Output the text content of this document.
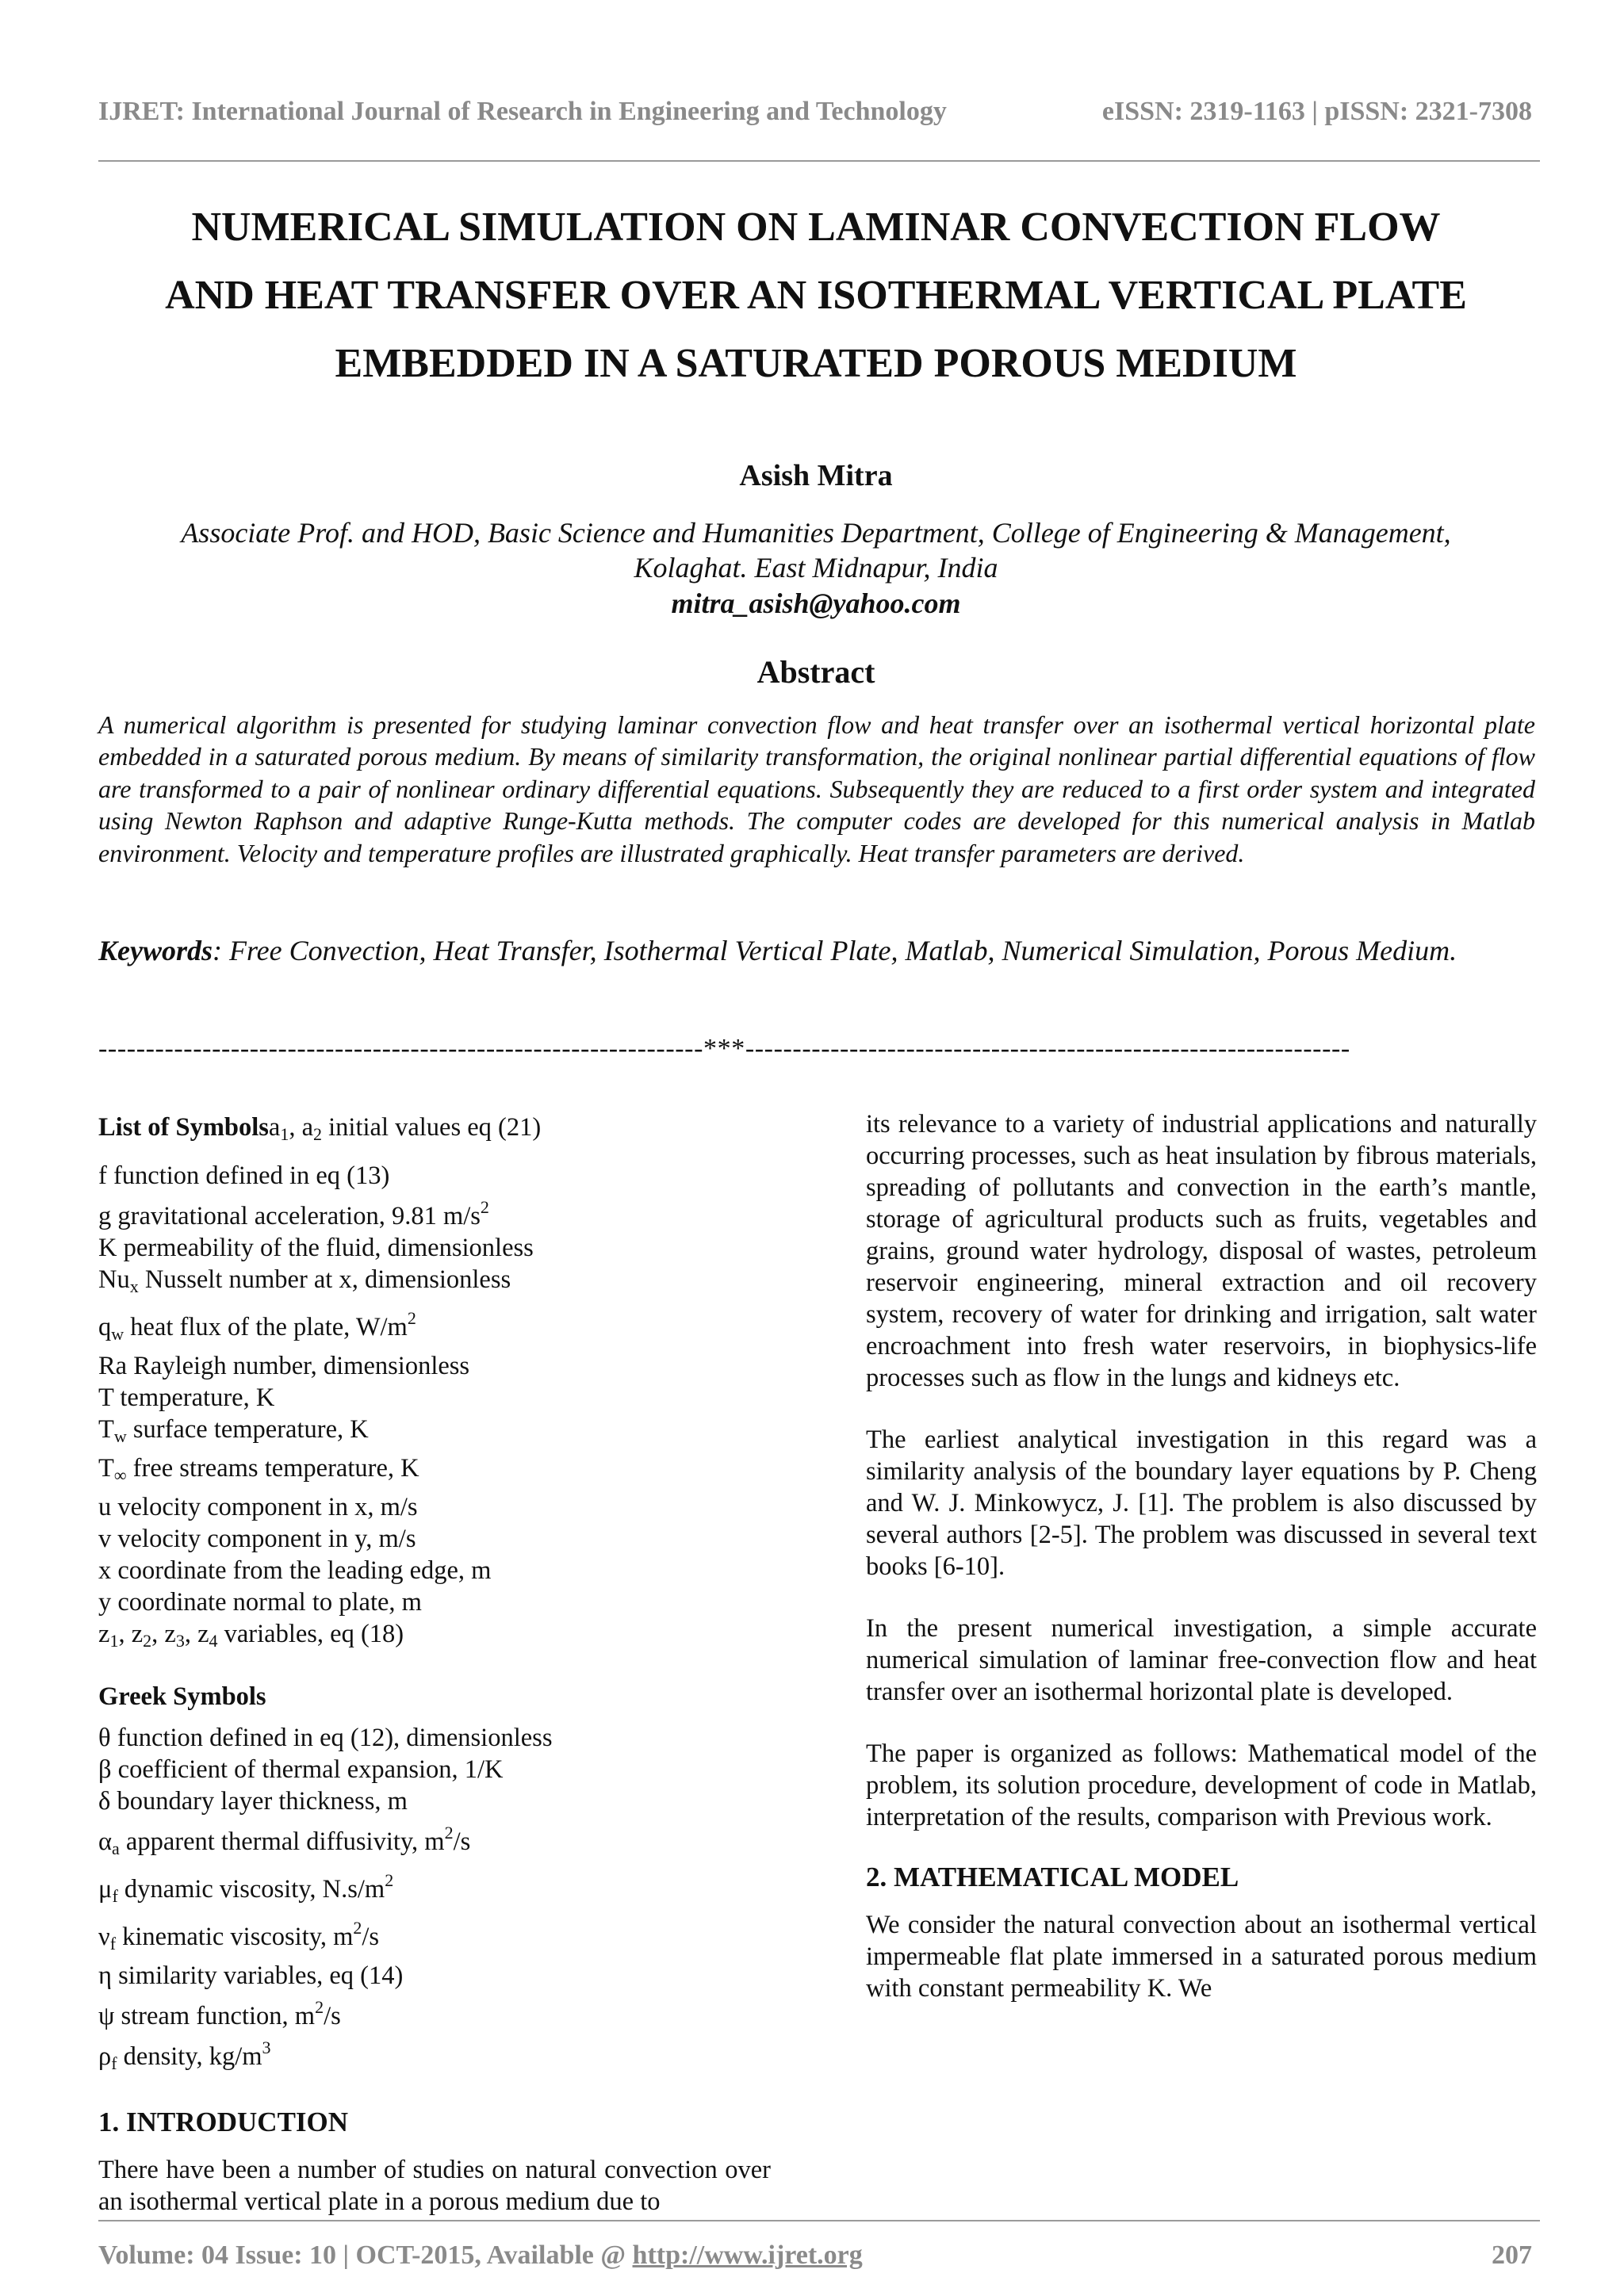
IJRET: International Journal of Research in Engineering and Technology	eISSN: 2319-1163 | pISSN: 2321-7308
NUMERICAL SIMULATION ON LAMINAR CONVECTION FLOW
AND HEAT TRANSFER OVER AN ISOTHERMAL VERTICAL PLATE
EMBEDDED IN A SATURATED POROUS MEDIUM
Asish Mitra
Associate Prof. and HOD, Basic Science and Humanities Department, College of Engineering & Management,
Kolaghat. East Midnapur, India
mitra_asish@yahoo.com
Abstract
A numerical algorithm is presented for studying laminar convection flow and heat transfer over an isothermal vertical horizontal plate embedded in a saturated porous medium. By means of similarity transformation, the original nonlinear partial differential equations of flow are transformed to a pair of nonlinear ordinary differential equations. Subsequently they are reduced to a first order system and integrated using Newton Raphson and adaptive Runge-Kutta methods. The computer codes are developed for this numerical analysis in Matlab environment. Velocity and temperature profiles are illustrated graphically. Heat transfer parameters are derived.
Keywords: Free Convection, Heat Transfer, Isothermal Vertical Plate, Matlab, Numerical Simulation, Porous Medium.
----------------------------------------------------------------***----------------------------------------------------------------
List of Symbolsa$_1$, $a_2$ initial values eq (21)
f function defined in eq (13)
g gravitational acceleration, 9.81 $m/s^2$
K permeability of the fluid, dimensionless
$Nu_x$ Nusselt number at x, dimensionless
$q_w$ heat flux of the plate, $W/m^2$
Ra Rayleigh number, dimensionless
T temperature, K
$T_w$ surface temperature, K
$T_\infty$ free streams temperature, K
u velocity component in x, m/s
v velocity component in y, m/s
x coordinate from the leading edge, m
y coordinate normal to plate, m
$z_1$, $z_2$, $z_3$, $z_4$ variables, eq (18)
Greek Symbols
θ function defined in eq (12), dimensionless
β coefficient of thermal expansion, 1/K
δ boundary layer thickness, m
$\alpha_a$ apparent thermal diffusivity, $m^2/s$
$\mu_f$ dynamic viscosity, $N.s/m^2$
$\nu_f$ kinematic viscosity, $m^2/s$
η similarity variables, eq (14)
ψ stream function, $m^2/s$
$\rho_f$ density, $kg/m^3$
1. INTRODUCTION

There have been a number of studies on natural convection over an isothermal vertical plate in a porous medium due to

its relevance to a variety of industrial applications and naturally occurring processes, such as heat insulation by fibrous materials, spreading of pollutants and convection in the earth’s mantle, storage of agricultural products such as fruits, vegetables and grains, ground water hydrology, disposal of wastes, petroleum reservoir engineering, mineral extraction and oil recovery system, recovery of water for drinking and irrigation, salt water encroachment into fresh water reservoirs, in biophysics-life processes such as flow in the lungs and kidneys etc.

The earliest analytical investigation in this regard was a similarity analysis of the boundary layer equations by P. Cheng and W. J. Minkowycz, J. [1]. The problem is also discussed by several authors [2-5]. The problem was discussed in several text books [6-10].

In the present numerical investigation, a simple accurate numerical simulation of laminar free-convection flow and heat transfer over an isothermal horizontal plate is developed.

The paper is organized as follows: Mathematical model of the problem, its solution procedure, development of code in Matlab, interpretation of the results, comparison with Previous work.

2. MATHEMATICAL MODEL

We consider the natural convection about an isothermal vertical impermeable flat plate immersed in a saturated porous medium with constant permeability K. We

Volume: 04 Issue: 10 | OCT-2015, Available @ http://www.ijret.org	207
